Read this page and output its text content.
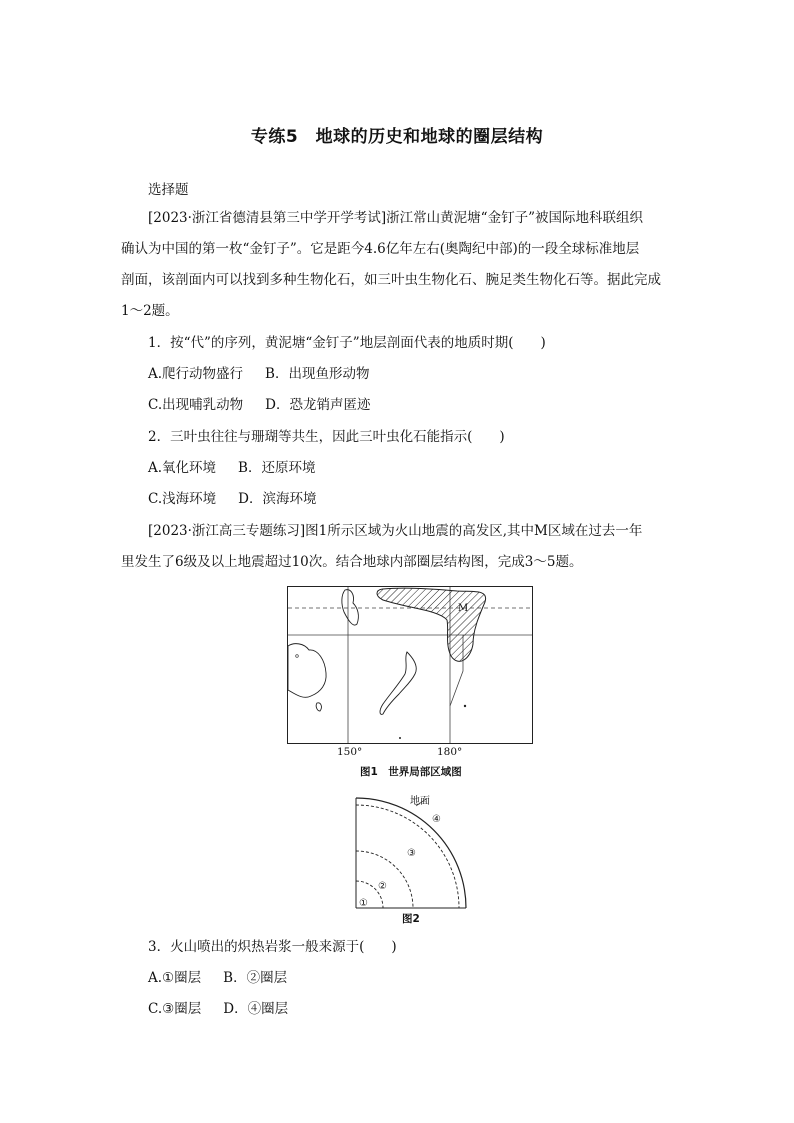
专练5　地球的历史和地球的圈层结构
选择题
[2023·浙江省德清县第三中学开学考试]浙江常山黄泥塘“金钉子”被国际地科联组织
确认为中国的第一枚“金钉子”。它是距今4.6亿年左右(奥陶纪中部)的一段全球标准地层
剖面，该剖面内可以找到多种生物化石，如三叶虫生物化石、腕足类生物化石等。据此完成
1～2题。
1．按“代”的序列，黄泥塘“金钉子”地层剖面代表的地质时期(　　)
A.爬行动物盛行 B．出现鱼形动物
C.出现哺乳动物 D．恐龙销声匿迹
2．三叶虫往往与珊瑚等共生，因此三叶虫化石能指示(　　)
A.氧化环境 B．还原环境
C.浅海环境 D．滨海环境
[2023·浙江高三专题练习]图1所示区域为火山地震的高发区,其中M区域在过去一年
里发生了6级及以上地震超过10次。结合地球内部圈层结构图，完成3～5题。
M
150°	180°
图1　世界局部区域图
地面
④
③
②
①
图2
3．火山喷出的炽热岩浆一般来源于(　　)
A.①圈层 B．②圈层
C.③圈层 D．④圈层
